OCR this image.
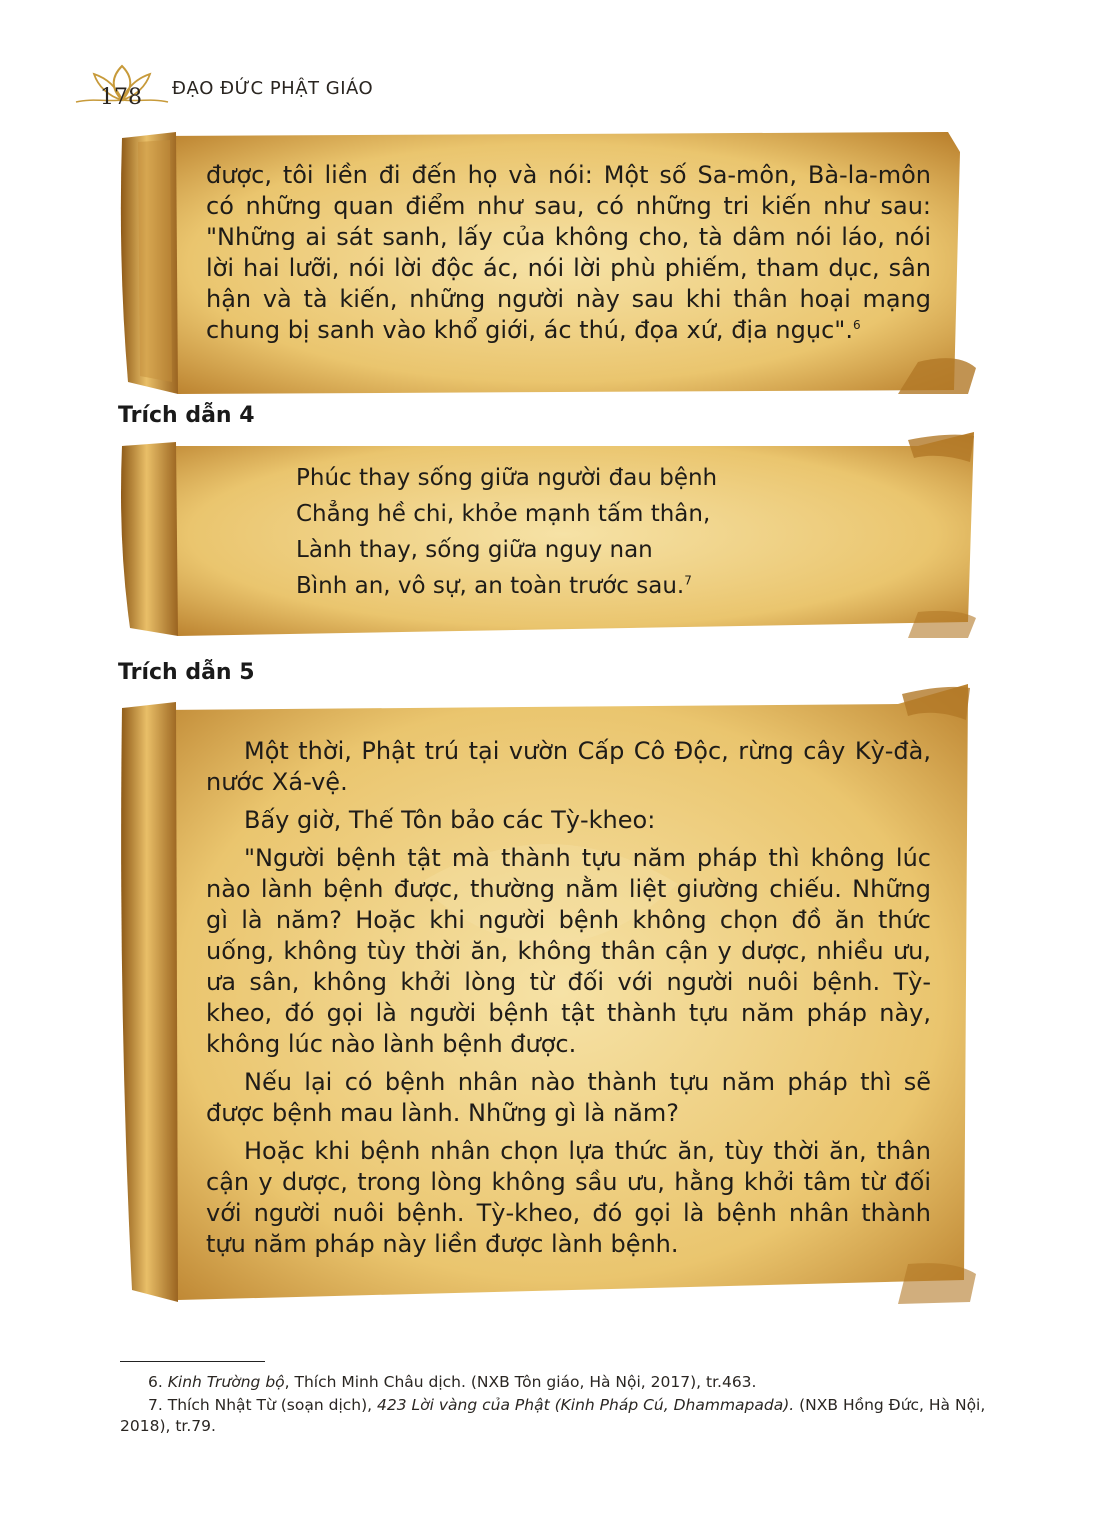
178 ĐẠO ĐỨC PHẬT GIÁO

được, tôi liền đi đến họ và nói: Một số Sa-môn, Bà-la-môn

có những quan điểm như sau, có những tri kiến như sau:

"Những ai sát sanh, lấy của không cho, tà dâm nói láo, nói

lời hai lưỡi, nói lời độc ác, nói lời phù phiếm, tham dục, sân

hận và tà kiến, những người này sau khi thân hoại mạng

chung bị sanh vào khổ giới, ác thú, đọa xứ, địa ngục".$^6$

Trích dẫn 4

Phúc thay sống giữa người đau bệnh

Chẳng hề chi, khỏe mạnh tấm thân,

Lành thay, sống giữa nguy nan

Bình an, vô sự, an toàn trước sau.$^7$

Trích dẫn 5

Một thời, Phật trú tại vườn Cấp Cô Độc, rừng cây Kỳ-đà, nước Xá-vệ.

Bấy giờ, Thế Tôn bảo các Tỳ-kheo:

"Người bệnh tật mà thành tựu năm pháp thì không lúc nào lành bệnh được, thường nằm liệt giường chiếu. Những gì là năm? Hoặc khi người bệnh không chọn đồ ăn thức uống, không tùy thời ăn, không thân cận y dược, nhiều ưu, ưa sân, không khởi lòng từ đối với người nuôi bệnh. Tỳ-kheo, đó gọi là người bệnh tật thành tựu năm pháp này, không lúc nào lành bệnh được.

Nếu lại có bệnh nhân nào thành tựu năm pháp thì sẽ được bệnh mau lành. Những gì là năm?

Hoặc khi bệnh nhân chọn lựa thức ăn, tùy thời ăn, thân cận y dược, trong lòng không sầu ưu, hằng khởi tâm từ đối với người nuôi bệnh. Tỳ-kheo, đó gọi là bệnh nhân thành tựu năm pháp này liền được lành bệnh.

6. Kinh Trường bộ, Thích Minh Châu dịch. (NXB Tôn giáo, Hà Nội, 2017), tr.463.

7. Thích Nhật Từ (soạn dịch), 423 Lời vàng của Phật (Kinh Pháp Cú, Dhammapada). (NXB Hồng Đức, Hà Nội, 2018), tr.79.
